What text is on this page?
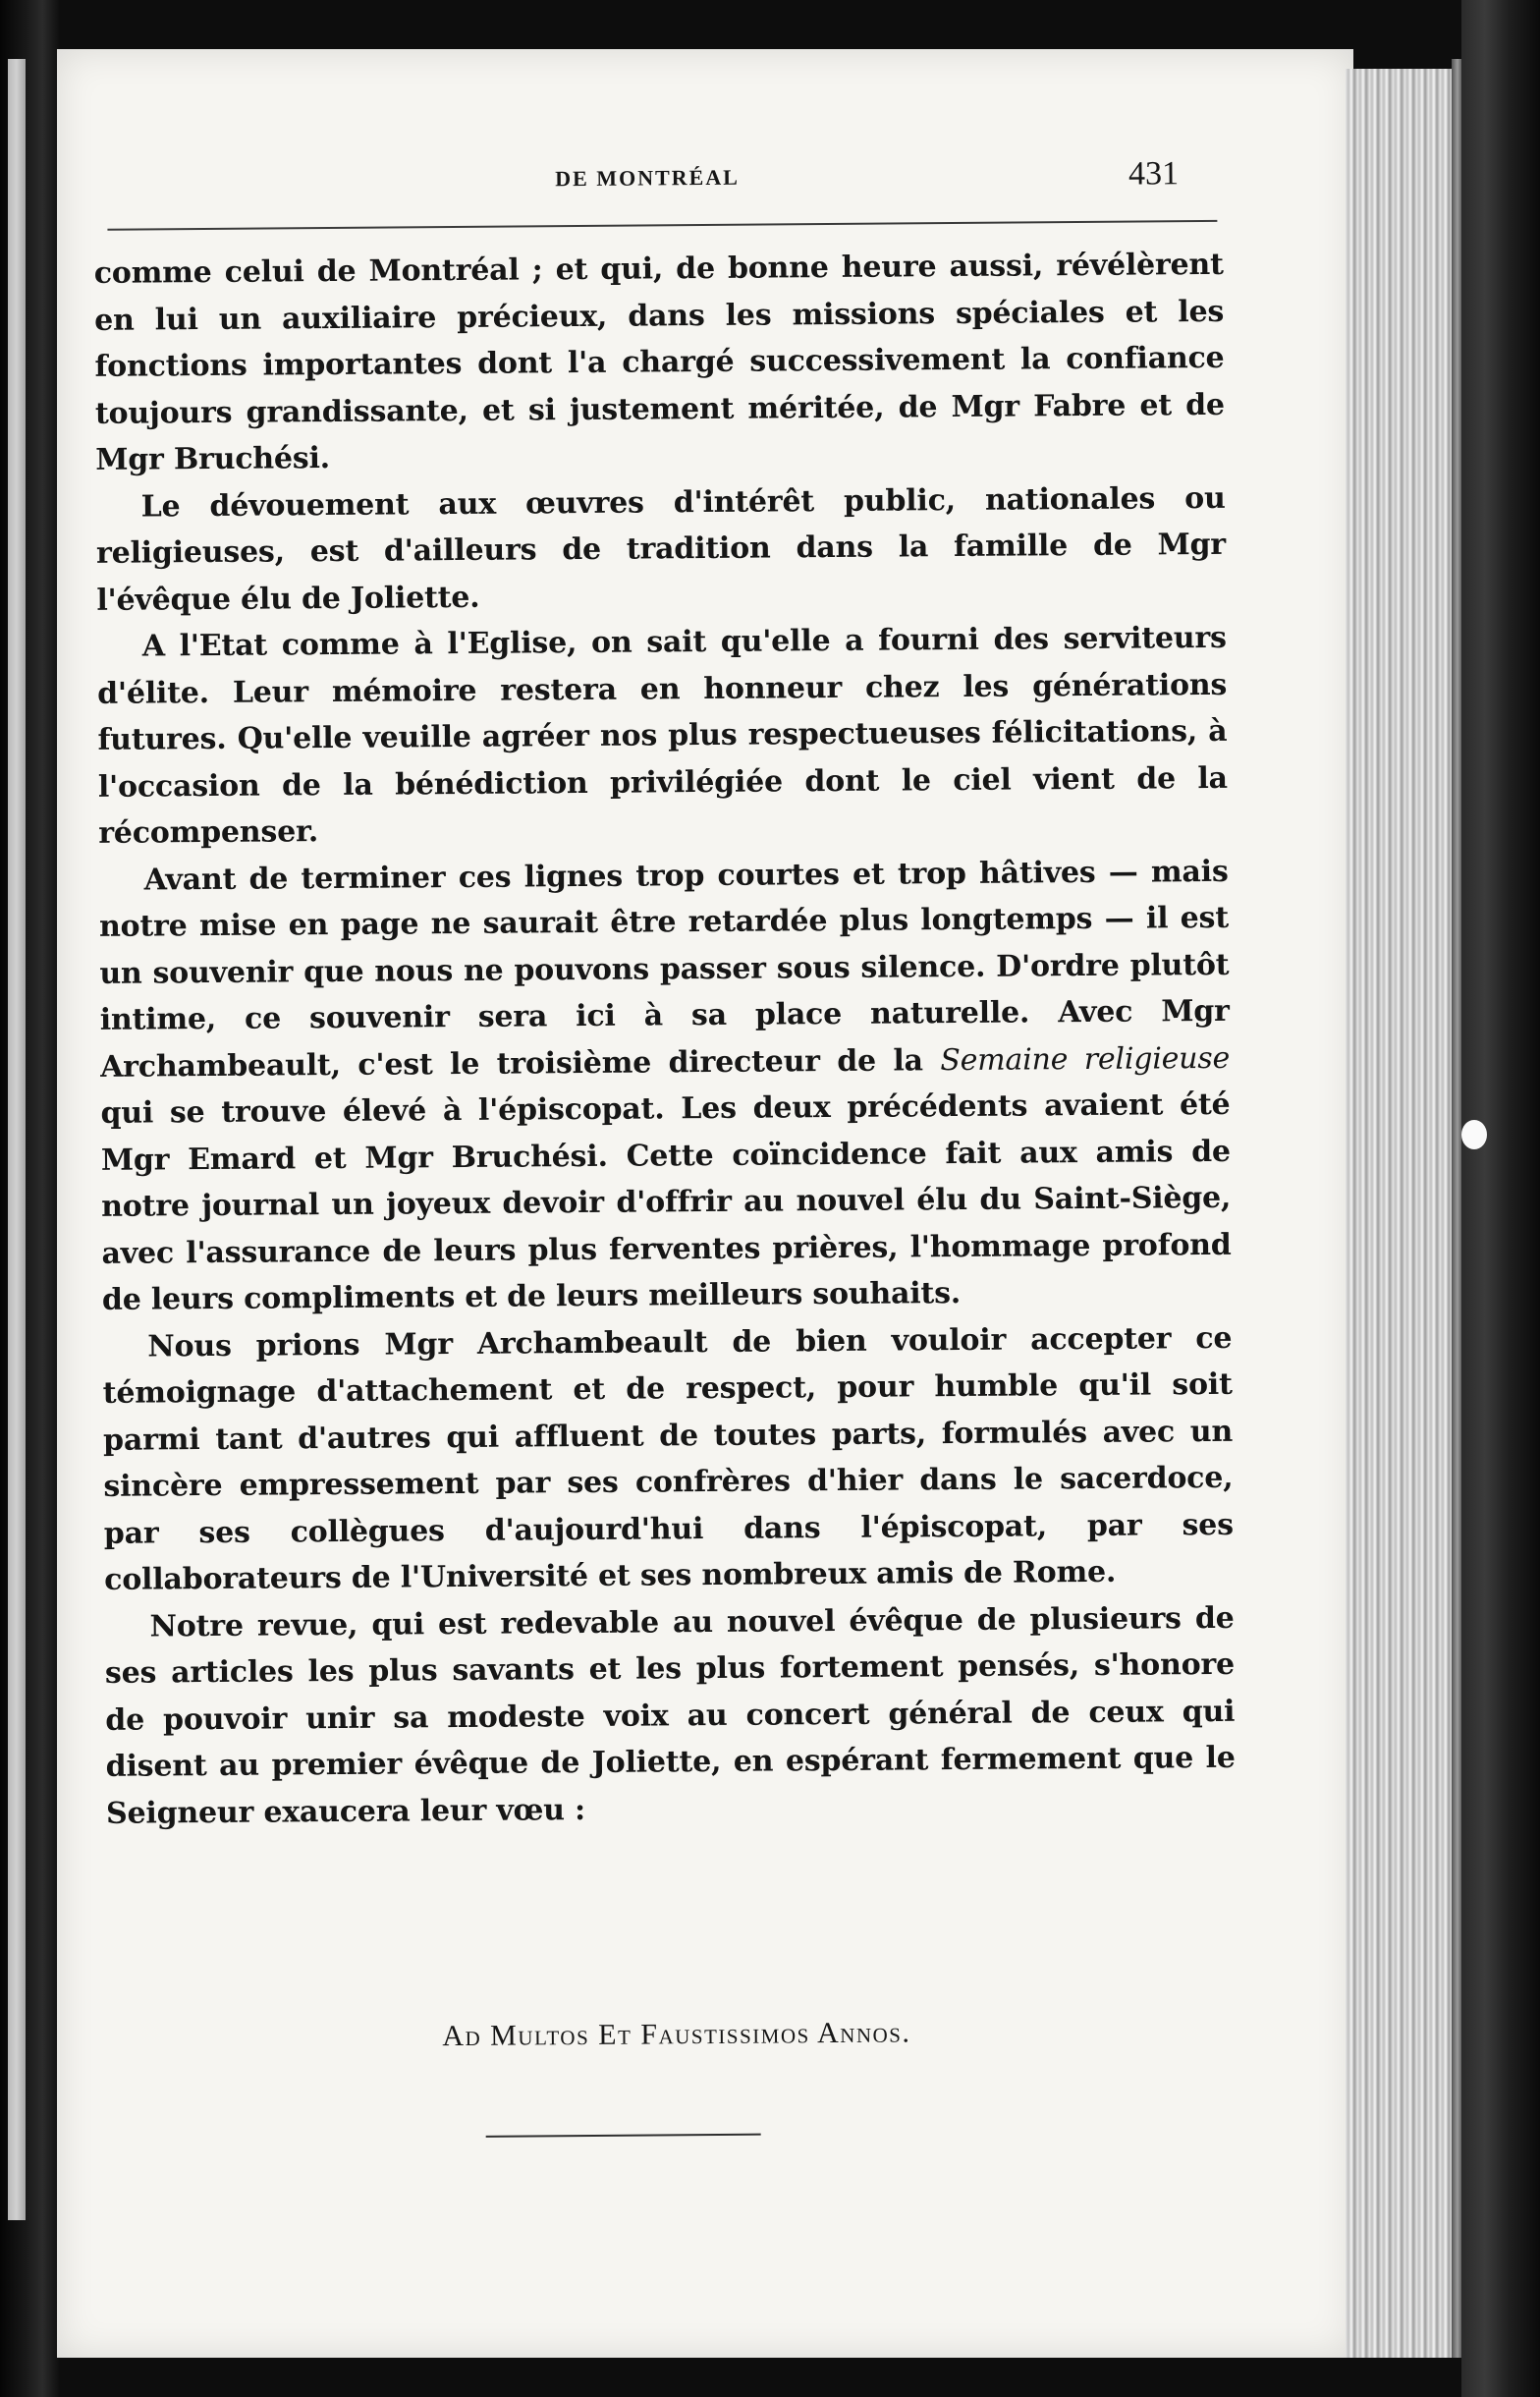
DE MONTRÉAL	431

comme celui de Montréal ; et qui, de bonne heure aussi, révélèrent en lui un auxiliaire précieux, dans les missions spéciales et les fonctions importantes dont l'a chargé successivement la confiance toujours grandissante, et si justement méritée, de Mgr Fabre et de Mgr Bruchési.

Le dévouement aux œuvres d'intérêt public, nationales ou religieuses, est d'ailleurs de tradition dans la famille de Mgr l'évêque élu de Joliette.

A l'Etat comme à l'Eglise, on sait qu'elle a fourni des serviteurs d'élite. Leur mémoire restera en honneur chez les générations futures. Qu'elle veuille agréer nos plus respectueuses félicitations, à l'occasion de la bénédiction privilégiée dont le ciel vient de la récompenser.

Avant de terminer ces lignes trop courtes et trop hâtives — mais notre mise en page ne saurait être retardée plus longtemps — il est un souvenir que nous ne pouvons passer sous silence. D'ordre plutôt intime, ce souvenir sera ici à sa place naturelle. Avec Mgr Archambeault, c'est le troisième directeur de la Semaine religieuse qui se trouve élevé à l'épiscopat. Les deux précédents avaient été Mgr Emard et Mgr Bruchési. Cette coïncidence fait aux amis de notre journal un joyeux devoir d'offrir au nouvel élu du Saint-Siège, avec l'assurance de leurs plus ferventes prières, l'hommage profond de leurs compliments et de leurs meilleurs souhaits.

Nous prions Mgr Archambeault de bien vouloir accepter ce témoignage d'attachement et de respect, pour humble qu'il soit parmi tant d'autres qui affluent de toutes parts, formulés avec un sincère empressement par ses confrères d'hier dans le sacerdoce, par ses collègues d'aujourd'hui dans l'épiscopat, par ses collaborateurs de l'Université et ses nombreux amis de Rome.

Notre revue, qui est redevable au nouvel évêque de plusieurs de ses articles les plus savants et les plus fortement pensés, s'honore de pouvoir unir sa modeste voix au concert général de ceux qui disent au premier évêque de Joliette, en espérant fermement que le Seigneur exaucera leur vœu :

Ad Multos Et Faustissimos Annos.
